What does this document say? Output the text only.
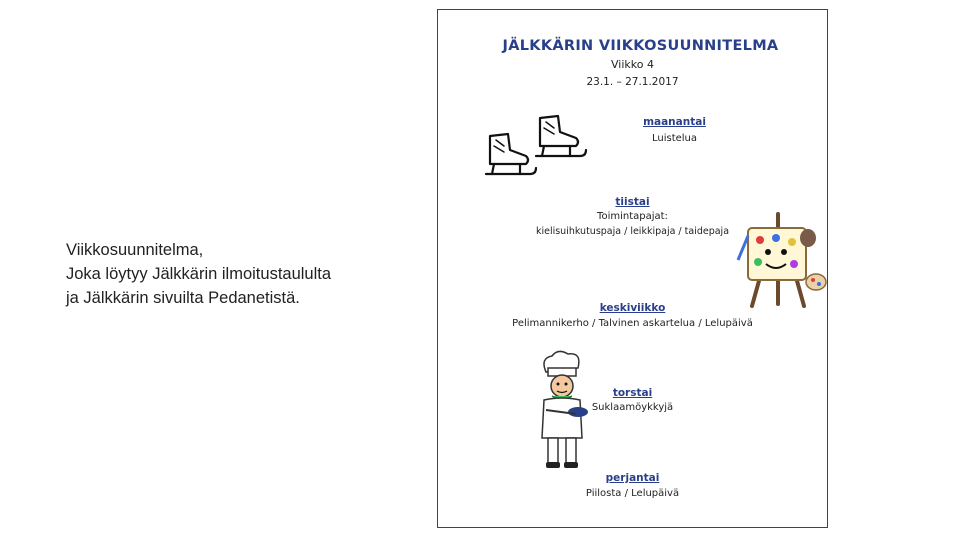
Viikkosuunnitelma,
Joka löytyy Jälkkärin ilmoitustaululta
ja Jälkkärin sivuilta Pedanetistä.

JÄLKKÄRIN VIIKKOSUUNNITELMA

Viikko 4

23.1. – 27.1.2017

maanantai

Luistelua

tiistai

Toimintapajat:

kielisuihkutuspaja / leikkipaja / taidepaja

keskiviikko

Pelimannikerho / Talvinen askartelua / Lelupäivä

torstai

Suklaamöykkyjä

perjantai

Piilosta / Lelupäivä
